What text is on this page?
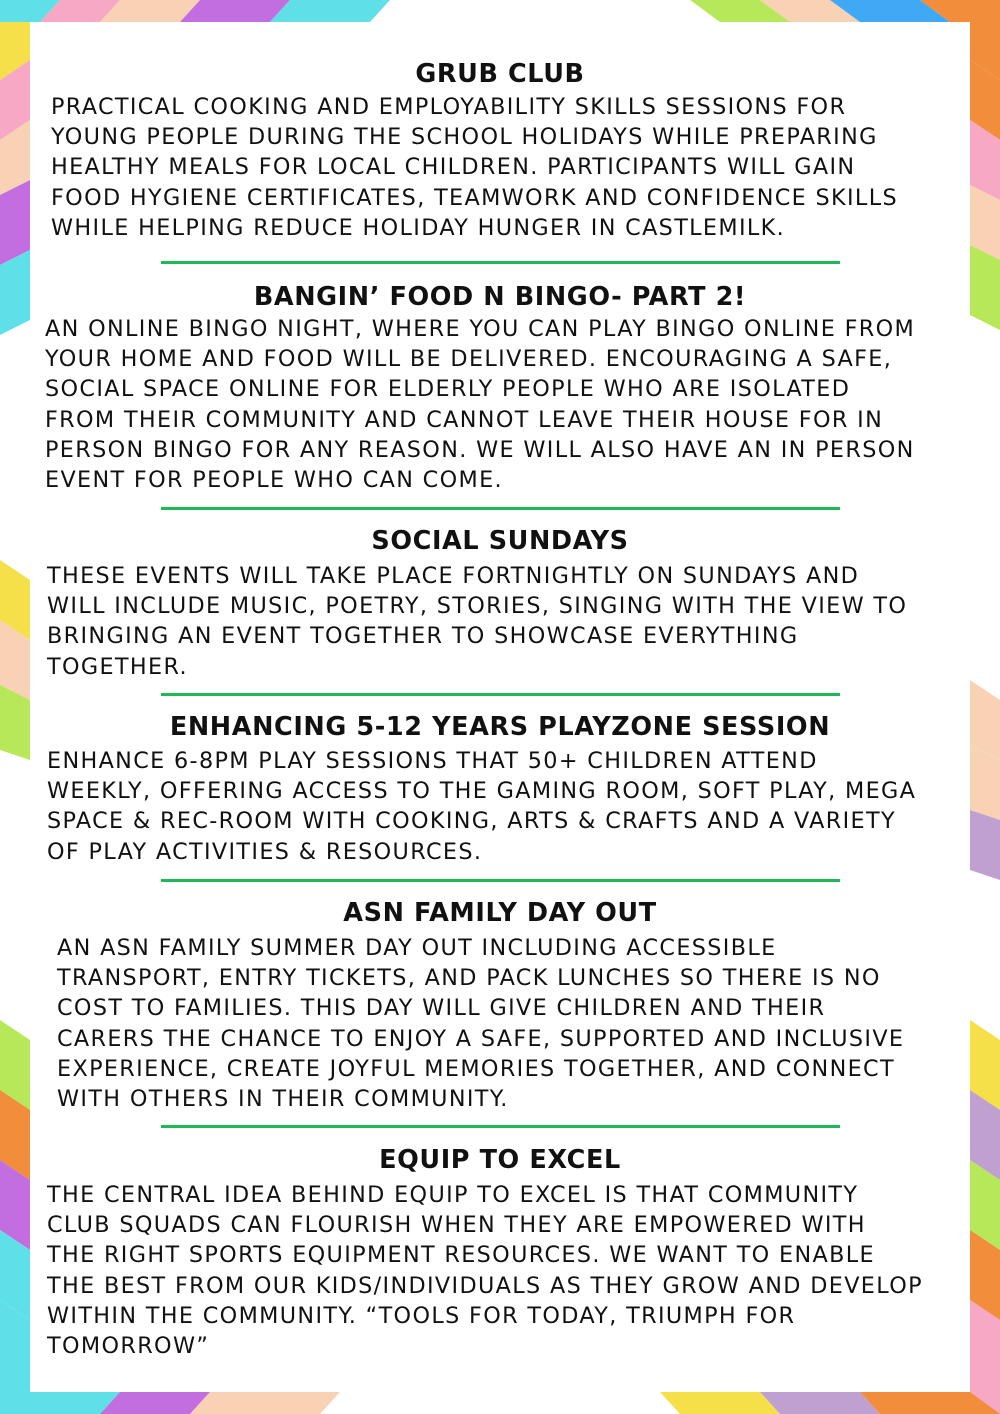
GRUB CLUB

PRACTICAL COOKING AND EMPLOYABILITY SKILLS SESSIONS FOR
YOUNG PEOPLE DURING THE SCHOOL HOLIDAYS WHILE PREPARING
HEALTHY MEALS FOR LOCAL CHILDREN. PARTICIPANTS WILL GAIN
FOOD HYGIENE CERTIFICATES, TEAMWORK AND CONFIDENCE SKILLS
WHILE HELPING REDUCE HOLIDAY HUNGER IN CASTLEMILK.

BANGIN’ FOOD N BINGO- PART 2!

AN ONLINE BINGO NIGHT, WHERE YOU CAN PLAY BINGO ONLINE FROM
YOUR HOME AND FOOD WILL BE DELIVERED. ENCOURAGING A SAFE,
SOCIAL SPACE ONLINE FOR ELDERLY PEOPLE WHO ARE ISOLATED
FROM THEIR COMMUNITY AND CANNOT LEAVE THEIR HOUSE FOR IN
PERSON BINGO FOR ANY REASON. WE WILL ALSO HAVE AN IN PERSON
EVENT FOR PEOPLE WHO CAN COME.

SOCIAL SUNDAYS

THESE EVENTS WILL TAKE PLACE FORTNIGHTLY ON SUNDAYS AND
WILL INCLUDE MUSIC, POETRY, STORIES, SINGING WITH THE VIEW TO
BRINGING AN EVENT TOGETHER TO SHOWCASE EVERYTHING
TOGETHER.

ENHANCING 5-12 YEARS PLAYZONE SESSION

ENHANCE 6-8PM PLAY SESSIONS THAT 50+ CHILDREN ATTEND
WEEKLY, OFFERING ACCESS TO THE GAMING ROOM, SOFT PLAY, MEGA
SPACE & REC-ROOM WITH COOKING, ARTS & CRAFTS AND A VARIETY
OF PLAY ACTIVITIES & RESOURCES.

ASN FAMILY DAY OUT

AN ASN FAMILY SUMMER DAY OUT INCLUDING ACCESSIBLE
TRANSPORT, ENTRY TICKETS, AND PACK LUNCHES SO THERE IS NO
COST TO FAMILIES. THIS DAY WILL GIVE CHILDREN AND THEIR
CARERS THE CHANCE TO ENJOY A SAFE, SUPPORTED AND INCLUSIVE
EXPERIENCE, CREATE JOYFUL MEMORIES TOGETHER, AND CONNECT
WITH OTHERS IN THEIR COMMUNITY.

EQUIP TO EXCEL

THE CENTRAL IDEA BEHIND EQUIP TO EXCEL IS THAT COMMUNITY
CLUB SQUADS CAN FLOURISH WHEN THEY ARE EMPOWERED WITH
THE RIGHT SPORTS EQUIPMENT RESOURCES. WE WANT TO ENABLE
THE BEST FROM OUR KIDS/INDIVIDUALS AS THEY GROW AND DEVELOP
WITHIN THE COMMUNITY. “TOOLS FOR TODAY, TRIUMPH FOR
TOMORROW”
